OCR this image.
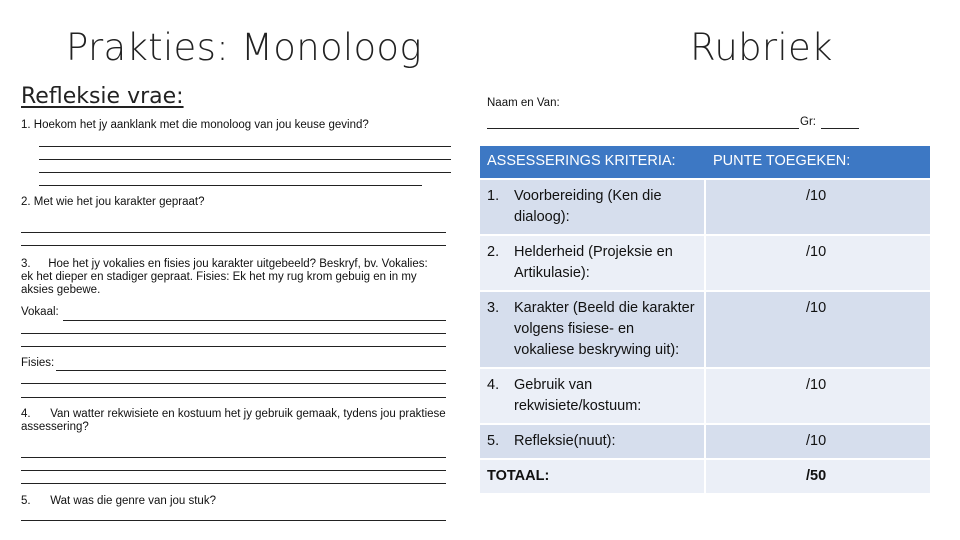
Prakties: Monoloog
Refleksie vrae:
1. Hoekom het jy aanklank met die monoloog van jou keuse gevind?
2. Met wie het jou karakter gepraat?
3. Hoe het jy vokalies en fisies jou karakter uitgebeeld? Beskryf, bv. Vokalies: ek het dieper en stadiger gepraat. Fisies: Ek het my rug krom gebuig en in my aksies gebewe.
Vokaal:
Fisies:
4. Van watter rekwisiete en kostuum het jy gebruik gemaak, tydens jou praktiese assessering?
5. Wat was die genre van jou stuk?
Rubriek
Naam en Van:
Gr:
ASSESSERINGS KRITERIA:	PUNTE TOEGEKEN:

1. Voorbereiding (Ken die dialoog):	/10

2. Helderheid (Projeksie en Artikulasie):	/10

3. Karakter (Beeld die karakter volgens fisiese- en vokaliese beskrywing uit):	/10

4. Gebruik van rekwisiete/kostuum:	/10

5. Refleksie(nuut):	/10
TOTAAL:	/50
